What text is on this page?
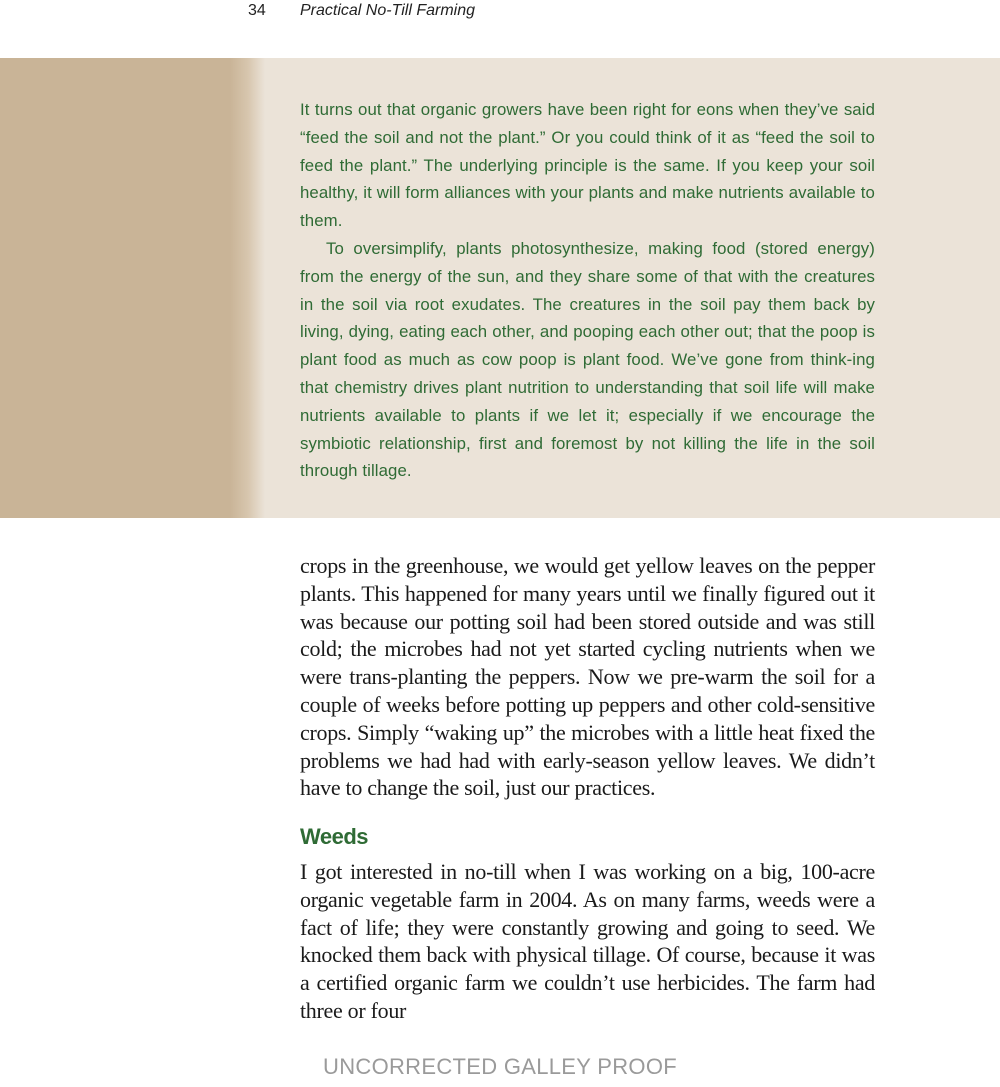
34 Practical No-Till Farming

It turns out that organic growers have been right for eons when they’ve said “feed the soil and not the plant.” Or you could think of it as “feed the soil to feed the plant.” The underlying principle is the same. If you keep your soil healthy, it will form alliances with your plants and make nutrients available to them.

To oversimplify, plants photosynthesize, making food (stored energy) from the energy of the sun, and they share some of that with the creatures in the soil via root exudates. The creatures in the soil pay them back by living, dying, eating each other, and pooping each other out; that the poop is plant food as much as cow poop is plant food. We’ve gone from think-ing that chemistry drives plant nutrition to understanding that soil life will make nutrients available to plants if we let it; especially if we encourage the symbiotic relationship, first and foremost by not killing the life in the soil through tillage.

crops in the greenhouse, we would get yellow leaves on the pepper plants. This happened for many years until we finally figured out it was because our potting soil had been stored outside and was still cold; the microbes had not yet started cycling nutrients when we were trans-planting the peppers. Now we pre-warm the soil for a couple of weeks before potting up peppers and other cold-sensitive crops. Simply “waking up” the microbes with a little heat fixed the problems we had had with early-season yellow leaves. We didn’t have to change the soil, just our practices.

Weeds

I got interested in no-till when I was working on a big, 100-acre organic vegetable farm in 2004. As on many farms, weeds were a fact of life; they were constantly growing and going to seed. We knocked them back with physical tillage. Of course, because it was a certified organic farm we couldn’t use herbicides. The farm had three or four

UNCORRECTED GALLEY PROOF
